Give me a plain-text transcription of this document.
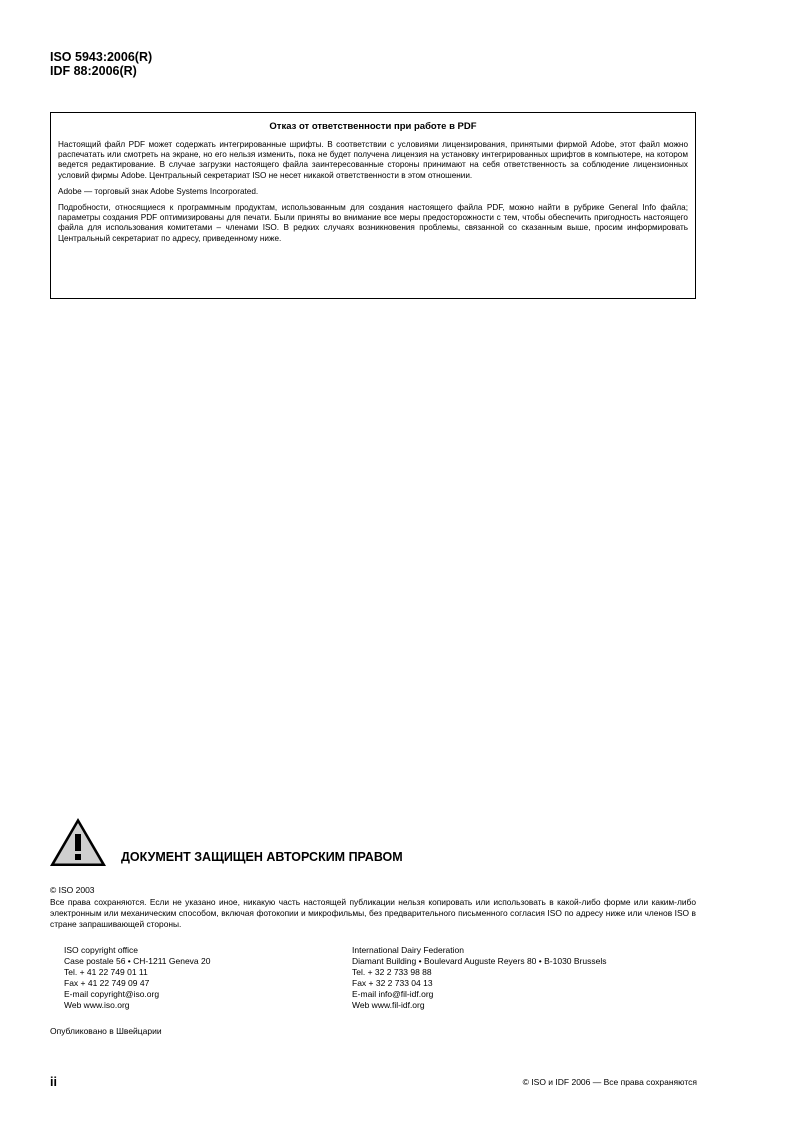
ISO 5943:2006(R)
IDF 88:2006(R)
Отказ от ответственности при работе в PDF

Настоящий файл PDF может содержать интегрированные шрифты. В соответствии с условиями лицензирования, принятыми фирмой Adobe, этот файл можно распечатать или смотреть на экране, но его нельзя изменить, пока не будет получена лицензия на установку интегрированных шрифтов в компьютере, на котором ведется редактирование. В случае загрузки настоящего файла заинтересованные стороны принимают на себя ответственность за соблюдение лицензионных условий фирмы Adobe. Центральный секретариат ISO не несет никакой ответственности в этом отношении.

Adobe — торговый знак Adobe Systems Incorporated.

Подробности, относящиеся к программным продуктам, использованным для создания настоящего файла PDF, можно найти в рубрике General Info файла; параметры создания PDF оптимизированы для печати. Были приняты во внимание все меры предосторожности с тем, чтобы обеспечить пригодность настоящего файла для использования комитетами – членами ISO. В редких случаях возникновения проблемы, связанной со сказанным выше, просим информировать Центральный секретариат по адресу, приведенному ниже.

ДОКУМЕНТ ЗАЩИЩЕН АВТОРСКИМ ПРАВОМ
© ISO 2003

Все права сохраняются. Если не указано иное, никакую часть настоящей публикации нельзя копировать или использовать в какой-либо форме или каким-либо электронным или механическим способом, включая фотокопии и микрофильмы, без предварительного письменного согласия ISO по адресу ниже или членов ISO в стране запрашивающей стороны.

ISO copyright office
Case postale 56 • CH-1211 Geneva 20
Tel. + 41 22 749 01 11
Fax + 41 22 749 09 47
E-mail copyright@iso.org
Web www.iso.org
International Dairy Federation
Diamant Building • Boulevard Auguste Reyers 80 • B-1030 Brussels
Tel. + 32 2 733 98 88
Fax + 32 2 733 04 13
E-mail info@fil-idf.org
Web www.fil-idf.org
Опубликовано в Швейцарии
ii	© ISO и IDF 2006 — Все права сохраняются
